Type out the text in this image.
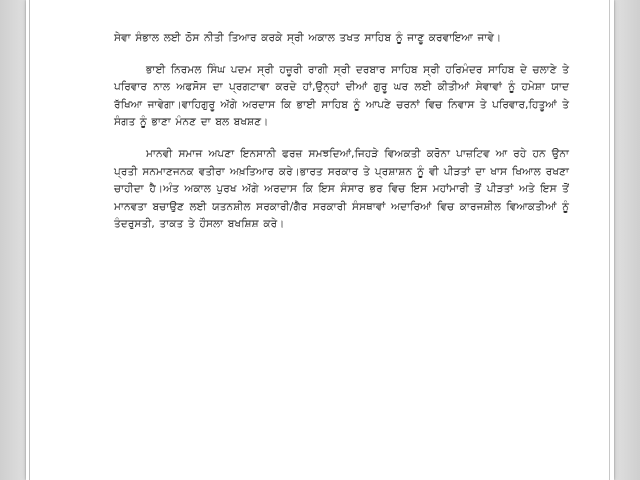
ਸੇਵਾ ਸੰਭਾਲ ਲਈ ਠੋਸ ਨੀਤੀ ਤਿਆਰ ਕਰਕੇ ਸ੍ਰੀ ਅਕਾਲ ਤਖਤ ਸਾਹਿਬ ਨੂੰ ਜਾਣੂ ਕਰਵਾਇਆ ਜਾਵੇ।

ਭਾਈ ਨਿਰਮਲ ਸਿੰਘ ਪਦਮ ਸ੍ਰੀ ਹਜ਼ੂਰੀ ਰਾਗੀ ਸ੍ਰੀ ਦਰਬਾਰ ਸਾਹਿਬ ਸ੍ਰੀ ਹਰਿਮੰਦਰ ਸਾਹਿਬ ਦੇ ਚਲਾਣੇ ਤੇ ਪਰਿਵਾਰ ਨਾਲ ਅਫਸੋਸ ਦਾ ਪ੍ਰਗਟਾਵਾ ਕਰਦੇ ਹਾਂ,ਉਨ੍ਹਾਂ ਦੀਆਂ ਗੁਰੂ ਘਰ ਲਈ ਕੀਤੀਆਂ ਸੇਵਾਵਾਂ ਨੂੰ ਹਮੇਸ਼ਾ ਯਾਦ ਰੱਖਿਆ ਜਾਵੇਗਾ।ਵਾਹਿਗੁਰੂ ਅੱਗੇ ਅਰਦਾਸ ਕਿ ਭਾਈ ਸਾਹਿਬ ਨੂੰ ਆਪਣੇ ਚਰਨਾਂ ਵਿਚ ਨਿਵਾਸ ਤੇ ਪਰਿਵਾਰ,ਹਿਤੂਆਂ ਤੇ ਸੰਗਤ ਨੂੰ ਭਾਣਾ ਮੰਨਣ ਦਾ ਬਲ ਬਖਸ਼ਣ।

ਮਾਨਵੀ ਸਮਾਜ ਅਪਣਾ ਇਨਸਾਨੀ ਫਰਜ਼ ਸਮਝਦਿਆਂ,ਜਿਹੜੇ ਵਿਅਕਤੀ ਕਰੋਨਾ ਪਾਜ਼ਟਿਵ ਆ ਰਹੇ ਹਨ ਉਨਾ ਪ੍ਰਤੀ ਸਨਮਾਣਜਨਕ ਵਤੀਰਾ ਅਖ਼ਤਿਆਰ ਕਰੇ।ਭਾਰਤ ਸਰਕਾਰ ਤੇ ਪ੍ਰਸ਼ਾਸ਼ਨ ਨੂੰ ਵੀ ਪੀੜਤਾਂ ਦਾ ਖਾਸ ਖਿਆਲ ਰਖਣਾ ਚਾਹੀਦਾ ਹੈ।ਅੰਤ ਅਕਾਲ ਪੁਰਖ ਅੱਗੇ ਅਰਦਾਸ ਕਿ ਇਸ ਸੰਸਾਰ ਭਰ ਵਿਚ ਇਸ ਮਹਾਂਮਾਰੀ ਤੋਂ ਪੀੜਤਾਂ ਅਤੇ ਇਸ ਤੋਂ ਮਾਨਵਤਾ ਬਚਾਉਣ ਲਈ ਯਤਨਸ਼ੀਲ ਸਰਕਾਰੀ/ਗੈਰ ਸਰਕਾਰੀ ਸੰਸਥਾਵਾਂ ਅਦਾਰਿਆਂ ਵਿਚ ਕਾਰਜਸ਼ੀਲ ਵਿਆਕਤੀਆਂ ਨੂੰ ਤੰਦਰੁਸਤੀ, ਤਾਕਤ ਤੇ ਹੌਸਲਾ ਬਖਸ਼ਿਸ਼ ਕਰੇ।
